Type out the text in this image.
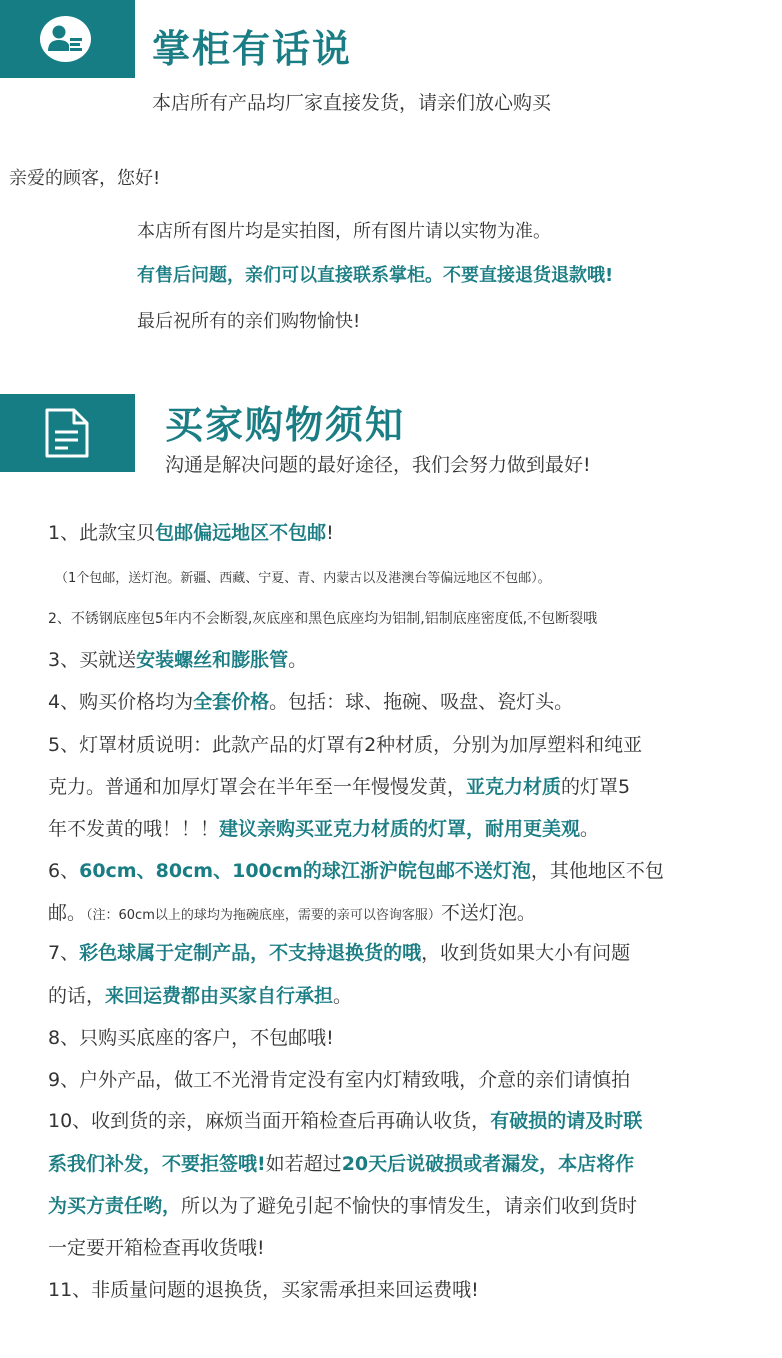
掌柜有话说
本店所有产品均厂家直接发货，请亲们放心购买
亲爱的顾客，您好!
本店所有图片均是实拍图，所有图片请以实物为准。
有售后问题，亲们可以直接联系掌柜。不要直接退货退款哦!
最后祝所有的亲们购物愉快!
买家购物须知
沟通是解决问题的最好途径，我们会努力做到最好!
1、此款宝贝包邮偏远地区不包邮!
（1个包邮，送灯泡。新疆、西藏、宁夏、青、内蒙古以及港澳台等偏远地区不包邮）。
2、不锈钢底座包5年内不会断裂,灰底座和黑色底座均为铝制,铝制底座密度低,不包断裂哦
3、买就送安装螺丝和膨胀管。
4、购买价格均为全套价格。包括：球、拖碗、吸盘、瓷灯头。
5、灯罩材质说明：此款产品的灯罩有2种材质，分别为加厚塑料和纯亚
克力。普通和加厚灯罩会在半年至一年慢慢发黄，亚克力材质的灯罩5
年不发黄的哦！！！建议亲购买亚克力材质的灯罩，耐用更美观。
6、60cm、80cm、100cm的球江浙沪皖包邮不送灯泡，其他地区不包
邮。（注：60cm以上的球均为拖碗底座，需要的亲可以咨询客服）不送灯泡。
7、彩色球属于定制产品，不支持退换货的哦，收到货如果大小有问题
的话，来回运费都由买家自行承担。
8、只购买底座的客户，不包邮哦!
9、户外产品，做工不光滑肯定没有室内灯精致哦，介意的亲们请慎拍
10、收到货的亲，麻烦当面开箱检查后再确认收货，有破损的请及时联
系我们补发，不要拒签哦!如若超过20天后说破损或者漏发，本店将作
为买方责任哟，所以为了避免引起不愉快的事情发生，请亲们收到货时
一定要开箱检查再收货哦!
11、非质量问题的退换货，买家需承担来回运费哦!
